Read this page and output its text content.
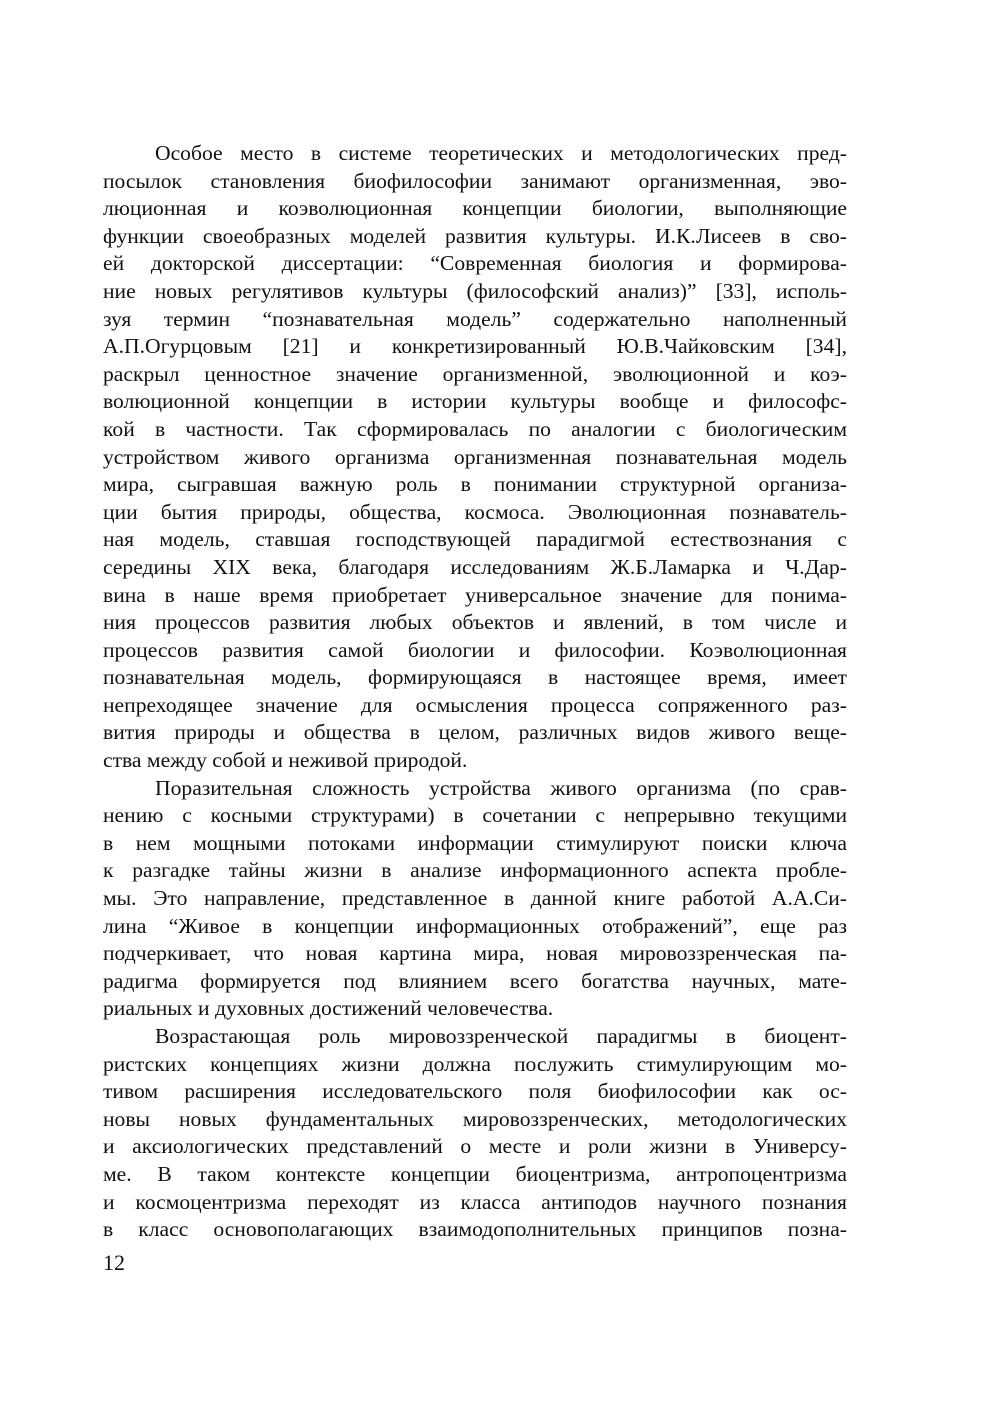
Особое место в системе теоретических и методологических пред-
посылок становления биофилософии занимают организменная, эво-
люционная и коэволюционная концепции биологии, выполняющие
функции своеобразных моделей развития культуры. И.К.Лисеев в сво-
ей докторской диссертации: “Современная биология и формирова-
ние новых регулятивов культуры (философский анализ)” [33], исполь-
зуя термин “познавательная модель” содержательно наполненный
А.П.Огурцовым [21] и конкретизированный Ю.В.Чайковским [34],
раскрыл ценностное значение организменной, эволюционной и коэ-
волюционной концепции в истории культуры вообще и философс-
кой в частности. Так сформировалась по аналогии с биологическим
устройством живого организма организменная познавательная модель
мира, сыгравшая важную роль в понимании структурной организа-
ции бытия природы, общества, космоса. Эволюционная познаватель-
ная модель, ставшая господствующей парадигмой естествознания с
середины XIX века, благодаря исследованиям Ж.Б.Ламарка и Ч.Дар-
вина в наше время приобретает универсальное значение для понима-
ния процессов развития любых объектов и явлений, в том числе и
процессов развития самой биологии и философии. Коэволюционная
познавательная модель, формирующаяся в настоящее время, имеет
непреходящее значение для осмысления процесса сопряженного раз-
вития природы и общества в целом, различных видов живого веще-
ства между собой и неживой природой.
Поразительная сложность устройства живого организма (по срав-
нению с косными структурами) в сочетании с непрерывно текущими
в нем мощными потоками информации стимулируют поиски ключа
к разгадке тайны жизни в анализе информационного аспекта пробле-
мы. Это направление, представленное в данной книге работой А.А.Си-
лина “Живое в концепции информационных отображений”, еще раз
подчеркивает, что новая картина мира, новая мировоззренческая па-
радигма формируется под влиянием всего богатства научных, мате-
риальных и духовных достижений человечества.
Возрастающая роль мировоззренческой парадигмы в биоцент-
ристских концепциях жизни должна послужить стимулирующим мо-
тивом расширения исследовательского поля биофилософии как ос-
новы новых фундаментальных мировоззренческих, методологических
и аксиологических представлений о месте и роли жизни в Универсу-
ме. В таком контексте концепции биоцентризма, антропоцентризма
и космоцентризма переходят из класса антиподов научного познания
в класс основополагающих взаимодополнительных принципов позна-
12
